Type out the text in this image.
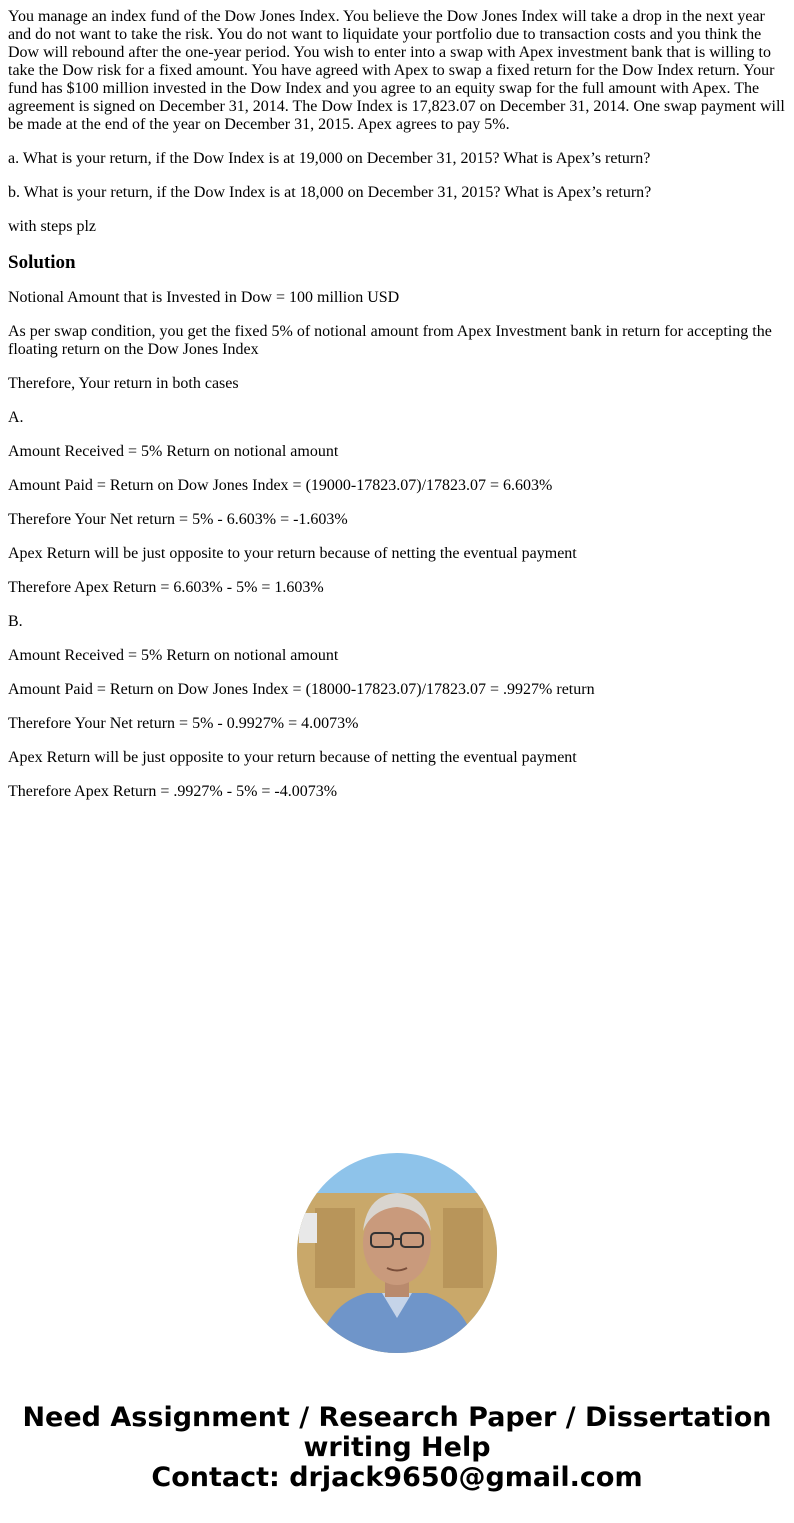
You manage an index fund of the Dow Jones Index. You believe the Dow Jones Index will take a drop in the next year and do not want to take the risk. You do not want to liquidate your portfolio due to transaction costs and you think the Dow will rebound after the one-year period. You wish to enter into a swap with Apex investment bank that is willing to take the Dow risk for a fixed amount. You have agreed with Apex to swap a fixed return for the Dow Index return. Your fund has $100 million invested in the Dow Index and you agree to an equity swap for the full amount with Apex. The agreement is signed on December 31, 2014. The Dow Index is 17,823.07 on December 31, 2014. One swap payment will be made at the end of the year on December 31, 2015. Apex agrees to pay 5%.

a. What is your return, if the Dow Index is at 19,000 on December 31, 2015? What is Apex’s return?

b. What is your return, if the Dow Index is at 18,000 on December 31, 2015? What is Apex’s return?

with steps plz

Solution

Notional Amount that is Invested in Dow = 100 million USD

As per swap condition, you get the fixed 5% of notional amount from Apex Investment bank in return for accepting the floating return on the Dow Jones Index

Therefore, Your return in both cases

A.

Amount Received = 5% Return on notional amount

Amount Paid = Return on Dow Jones Index = (19000-17823.07)/17823.07 = 6.603%

Therefore Your Net return = 5% - 6.603% = -1.603%

Apex Return will be just opposite to your return because of netting the eventual payment

Therefore Apex Return = 6.603% - 5% = 1.603%

B.

Amount Received = 5% Return on notional amount

Amount Paid = Return on Dow Jones Index = (18000-17823.07)/17823.07 = .9927% return

Therefore Your Net return = 5% - 0.9927% = 4.0073%

Apex Return will be just opposite to your return because of netting the eventual payment

Therefore Apex Return = .9927% - 5% = -4.0073%

Need Assignment / Research Paper / Dissertation
writing Help
Contact: drjack9650@gmail.com
